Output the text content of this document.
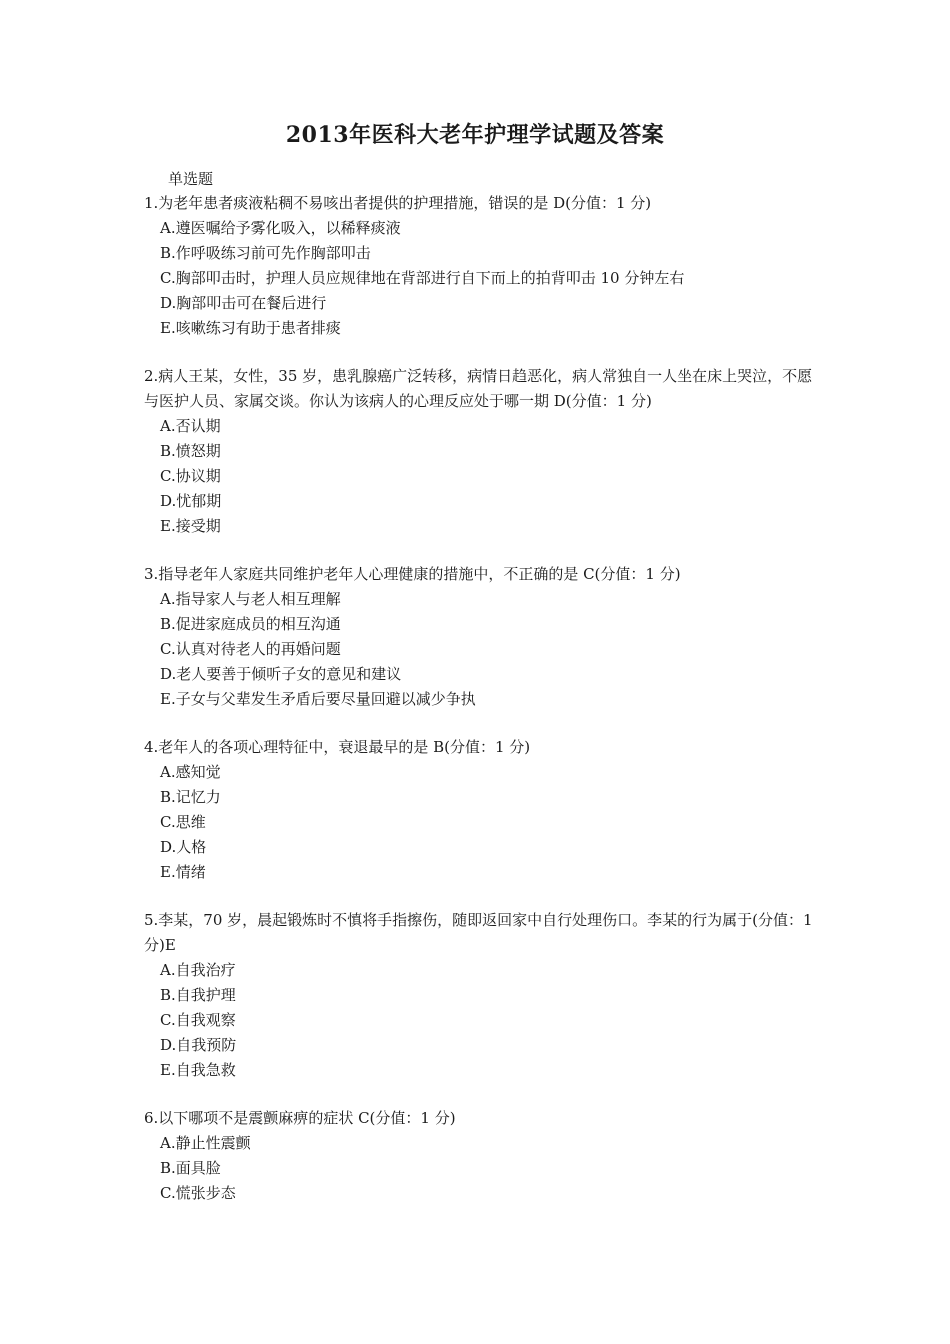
2013年医科大老年护理学试题及答案
单选题

1.为老年患者痰液粘稠不易咳出者提供的护理措施，错误的是 D(分值：1 分)

A.遵医嘱给予雾化吸入，以稀释痰液
B.作呼吸练习前可先作胸部叩击
C.胸部叩击时，护理人员应规律地在背部进行自下而上的拍背叩击 10 分钟左右
D.胸部叩击可在餐后进行
E.咳嗽练习有助于患者排痰

2.病人王某，女性，35 岁，患乳腺癌广泛转移，病情日趋恶化，病人常独自一人坐在床上哭泣，不愿与医护人员、家属交谈。你认为该病人的心理反应处于哪一期 D(分值：1 分)

A.否认期
B.愤怒期
C.协议期
D.忧郁期
E.接受期

3.指导老年人家庭共同维护老年人心理健康的措施中，不正确的是 C(分值：1 分)

A.指导家人与老人相互理解
B.促进家庭成员的相互沟通
C.认真对待老人的再婚问题
D.老人要善于倾听子女的意见和建议
E.子女与父辈发生矛盾后要尽量回避以减少争执

4.老年人的各项心理特征中，衰退最早的是 B(分值：1 分)

A.感知觉
B.记忆力
C.思维
D.人格
E.情绪

5.李某，70 岁，晨起锻炼时不慎将手指擦伤，随即返回家中自行处理伤口。李某的行为属于(分值：1 分)E

A.自我治疗
B.自我护理
C.自我观察
D.自我预防
E.自我急救

6.以下哪项不是震颤麻痹的症状 C(分值：1 分)

A.静止性震颤
B.面具脸
C.慌张步态
